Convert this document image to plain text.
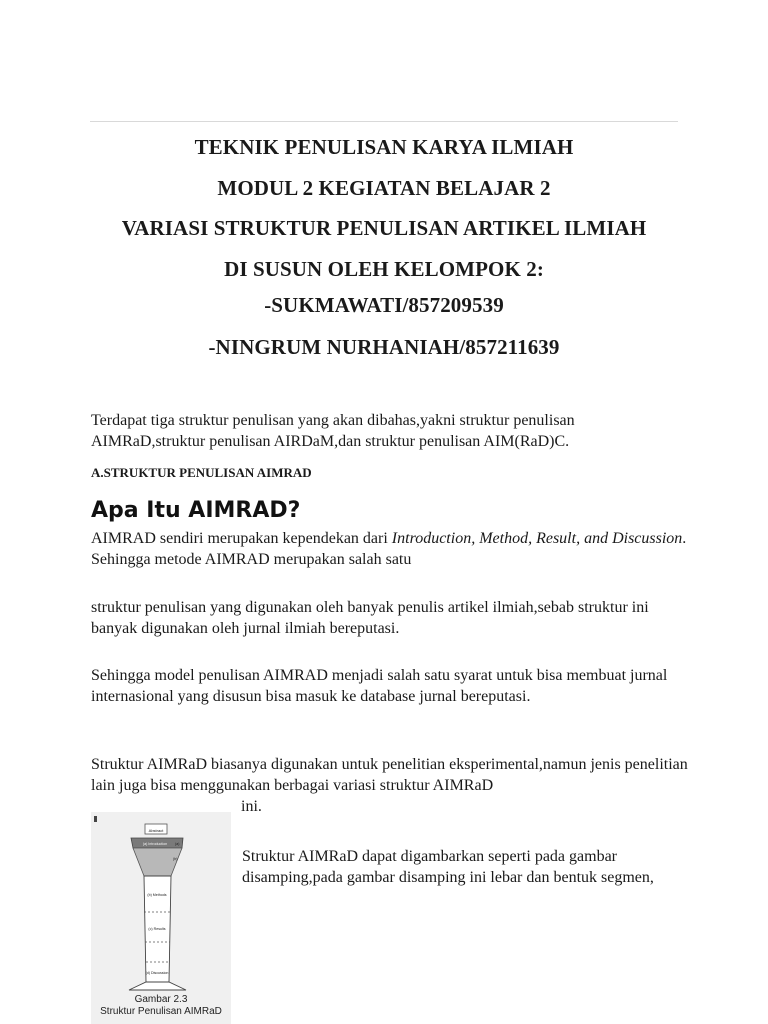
TEKNIK PENULISAN KARYA ILMIAH
MODUL 2 KEGIATAN BELAJAR 2
VARIASI STRUKTUR PENULISAN ARTIKEL ILMIAH
DI SUSUN OLEH KELOMPOK 2:
-SUKMAWATI/857209539
-NINGRUM NURHANIAH/857211639
Terdapat tiga struktur penulisan yang akan dibahas,yakni struktur penulisan AIMRaD,struktur penulisan AIRDaM,dan struktur penulisan AIM(RaD)C.
A.STRUKTUR PENULISAN AIMRAD
Apa Itu AIMRAD?
AIMRAD sendiri merupakan kependekan dari Introduction, Method, Result, and Discussion. Sehingga metode AIMRAD merupakan salah satu
struktur penulisan yang digunakan oleh banyak penulis artikel ilmiah,sebab struktur ini banyak digunakan oleh jurnal ilmiah bereputasi.
Sehingga model penulisan AIMRAD menjadi salah satu syarat untuk bisa membuat jurnal internasional yang disusun bisa masuk ke database jurnal bereputasi.
Struktur AIMRaD biasanya digunakan untuk penelitian eksperimental,namun jenis penelitian lain juga bisa menggunakan berbagai variasi struktur AIMRaD
ini.
Struktur AIMRaD dapat digambarkan seperti pada gambar disamping,pada gambar disamping ini lebar dan bentuk segmen,
Abstract
(a) Introduction (a)
(b)
(b) Methods
(c) Results
(d) Discussion
Gambar 2.3
Struktur Penulisan AIMRaD
